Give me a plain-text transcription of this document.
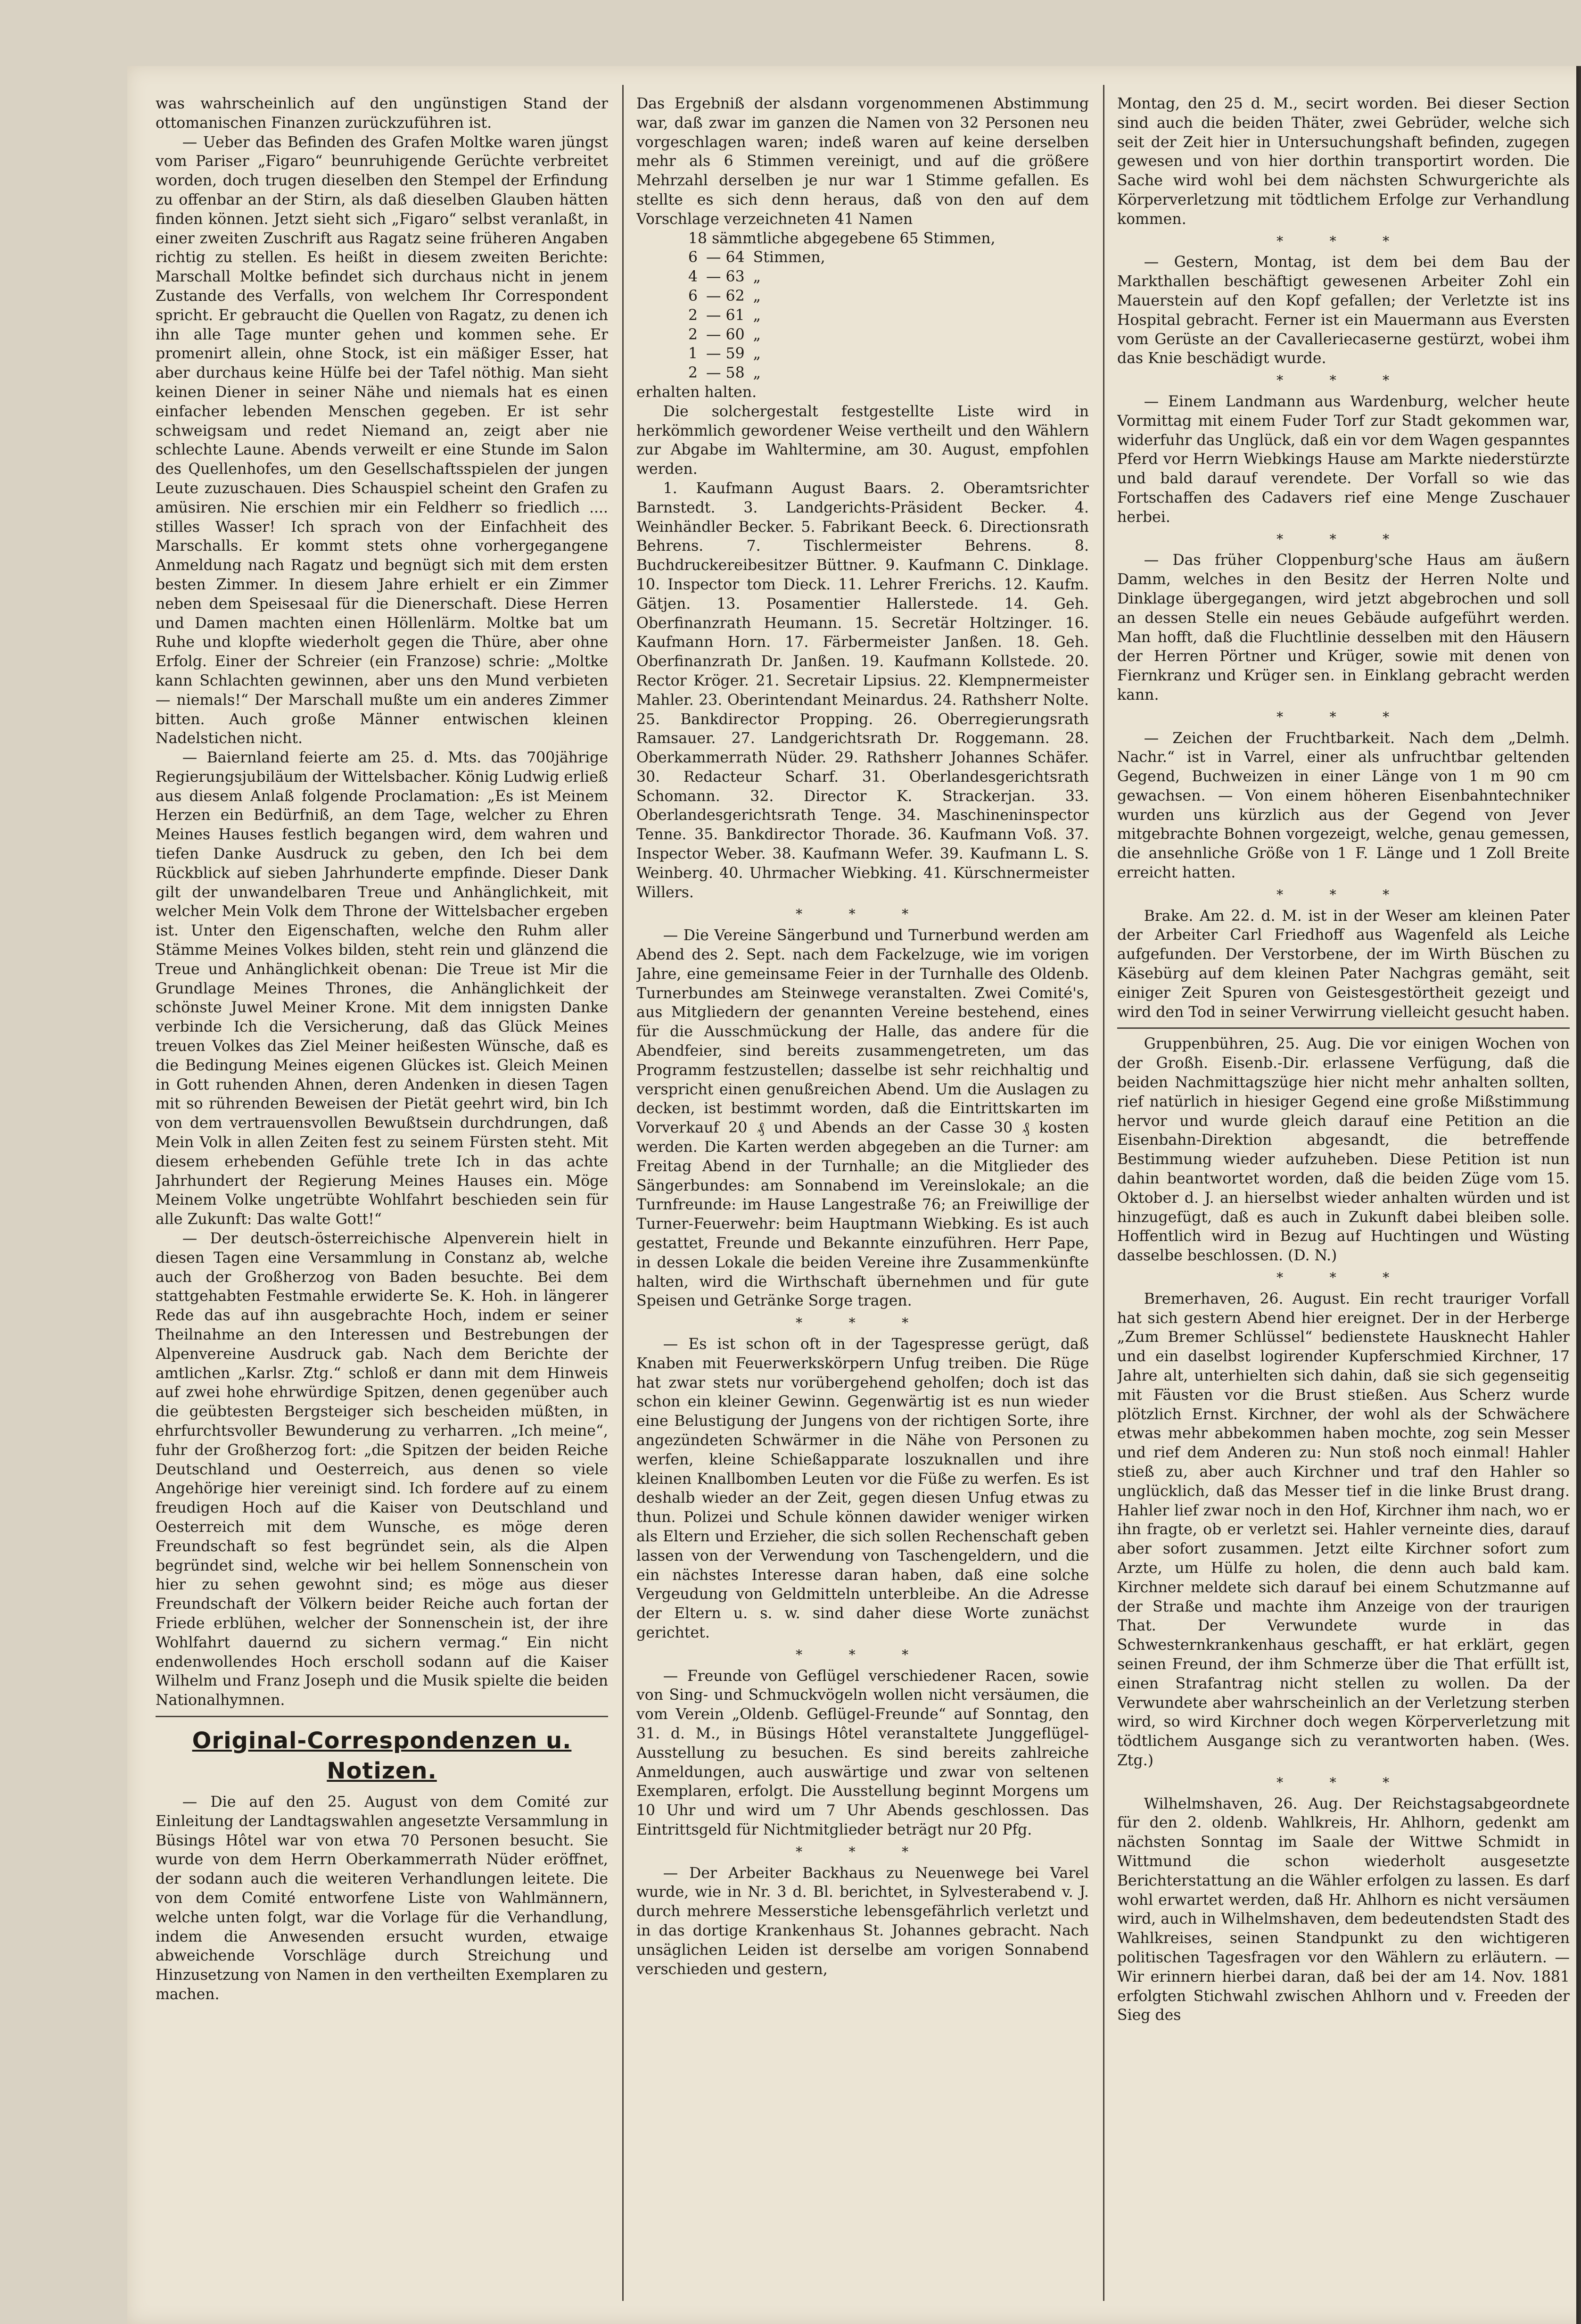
was wahrscheinlich auf den ungünstigen Stand der ottomanischen Finanzen zurückzuführen ist.

— Ueber das Befinden des Grafen Moltke waren jüngst vom Pariser „Figaro“ beunruhigende Gerüchte verbreitet worden, doch trugen dieselben den Stempel der Erfindung zu offenbar an der Stirn, als daß dieselben Glauben hätten finden können. Jetzt sieht sich „Figaro“ selbst veranlaßt, in einer zweiten Zuschrift aus Ragatz seine früheren Angaben richtig zu stellen. Es heißt in diesem zweiten Berichte: Marschall Moltke befindet sich durchaus nicht in jenem Zustande des Verfalls, von welchem Ihr Correspondent spricht. Er gebraucht die Quellen von Ragatz, zu denen ich ihn alle Tage munter gehen und kommen sehe. Er promenirt allein, ohne Stock, ist ein mäßiger Esser, hat aber durchaus keine Hülfe bei der Tafel nöthig. Man sieht keinen Diener in seiner Nähe und niemals hat es einen einfacher lebenden Menschen gegeben. Er ist sehr schweigsam und redet Niemand an, zeigt aber nie schlechte Laune. Abends verweilt er eine Stunde im Salon des Quellenhofes, um den Gesellschaftsspielen der jungen Leute zuzuschauen. Dies Schauspiel scheint den Grafen zu amüsiren. Nie erschien mir ein Feldherr so friedlich .... stilles Wasser! Ich sprach von der Einfachheit des Marschalls. Er kommt stets ohne vorhergegangene Anmeldung nach Ragatz und begnügt sich mit dem ersten besten Zimmer. In diesem Jahre erhielt er ein Zimmer neben dem Speisesaal für die Dienerschaft. Diese Herren und Damen machten einen Höllenlärm. Moltke bat um Ruhe und klopfte wiederholt gegen die Thüre, aber ohne Erfolg. Einer der Schreier (ein Franzose) schrie: „Moltke kann Schlachten gewinnen, aber uns den Mund verbieten — niemals!“ Der Marschall mußte um ein anderes Zimmer bitten. Auch große Männer entwischen kleinen Nadelstichen nicht.

— Baiernland feierte am 25. d. Mts. das 700jährige Regierungsjubiläum der Wittelsbacher. König Ludwig erließ aus diesem Anlaß folgende Proclamation: „Es ist Meinem Herzen ein Bedürfniß, an dem Tage, welcher zu Ehren Meines Hauses festlich begangen wird, dem wahren und tiefen Danke Ausdruck zu geben, den Ich bei dem Rückblick auf sieben Jahrhunderte empfinde. Dieser Dank gilt der unwandelbaren Treue und Anhänglichkeit, mit welcher Mein Volk dem Throne der Wittelsbacher ergeben ist. Unter den Eigenschaften, welche den Ruhm aller Stämme Meines Volkes bilden, steht rein und glänzend die Treue und Anhänglichkeit obenan: Die Treue ist Mir die Grundlage Meines Thrones, die Anhänglichkeit der schönste Juwel Meiner Krone. Mit dem innigsten Danke verbinde Ich die Versicherung, daß das Glück Meines treuen Volkes das Ziel Meiner heißesten Wünsche, daß es die Bedingung Meines eigenen Glückes ist. Gleich Meinen in Gott ruhenden Ahnen, deren Andenken in diesen Tagen mit so rührenden Beweisen der Pietät geehrt wird, bin Ich von dem vertrauensvollen Bewußtsein durchdrungen, daß Mein Volk in allen Zeiten fest zu seinem Fürsten steht. Mit diesem erhebenden Gefühle trete Ich in das achte Jahrhundert der Regierung Meines Hauses ein. Möge Meinem Volke ungetrübte Wohlfahrt beschieden sein für alle Zukunft: Das walte Gott!“

— Der deutsch-österreichische Alpenverein hielt in diesen Tagen eine Versammlung in Constanz ab, welche auch der Großherzog von Baden besuchte. Bei dem stattgehabten Festmahle erwiderte Se. K. Hoh. in längerer Rede das auf ihn ausgebrachte Hoch, indem er seiner Theilnahme an den Interessen und Bestrebungen der Alpenvereine Ausdruck gab. Nach dem Berichte der amtlichen „Karlsr. Ztg.“ schloß er dann mit dem Hinweis auf zwei hohe ehrwürdige Spitzen, denen gegenüber auch die geübtesten Bergsteiger sich bescheiden müßten, in ehrfurchtsvoller Bewunderung zu verharren. „Ich meine“, fuhr der Großherzog fort: „die Spitzen der beiden Reiche Deutschland und Oesterreich, aus denen so viele Angehörige hier vereinigt sind. Ich fordere auf zu einem freudigen Hoch auf die Kaiser von Deutschland und Oesterreich mit dem Wunsche, es möge deren Freundschaft so fest begründet sein, als die Alpen begründet sind, welche wir bei hellem Sonnenschein von hier zu sehen gewohnt sind; es möge aus dieser Freundschaft der Völkern beider Reiche auch fortan der Friede erblühen, welcher der Sonnenschein ist, der ihre Wohlfahrt dauernd zu sichern vermag.“ Ein nicht endenwollendes Hoch erscholl sodann auf die Kaiser Wilhelm und Franz Joseph und die Musik spielte die beiden Nationalhymnen.

Original-Correspondenzen u. Notizen.

— Die auf den 25. August von dem Comité zur Einleitung der Landtagswahlen angesetzte Versammlung in Büsings Hôtel war von etwa 70 Personen besucht. Sie wurde von dem Herrn Oberkammerrath Nüder eröffnet, der sodann auch die weiteren Verhandlungen leitete. Die von dem Comité entworfene Liste von Wahlmännern, welche unten folgt, war die Vorlage für die Verhandlung, indem die Anwesenden ersucht wurden, etwaige abweichende Vorschläge durch Streichung und Hinzusetzung von Namen in den vertheilten Exemplaren zu machen.

Das Ergebniß der alsdann vorgenommenen Abstimmung war, daß zwar im ganzen die Namen von 32 Personen neu vorgeschlagen waren; indeß waren auf keine derselben mehr als 6 Stimmen vereinigt, und auf die größere Mehrzahl derselben je nur war 1 Stimme gefallen. Es stellte es sich denn heraus, daß von den auf dem Vorschlage verzeichneten 41 Namen

18 sämmtliche abgegebene 65 Stimmen,

6	— 64	Stimmen,
4	— 63	„
6	— 62	„
2	— 61	„
2	— 60	„
1	— 59	„
2	— 58	„

erhalten halten.

Die solchergestalt festgestellte Liste wird in herkömmlich gewordener Weise vertheilt und den Wählern zur Abgabe im Wahltermine, am 30. August, empfohlen werden.

1. Kaufmann August Baars. 2. Oberamtsrichter Barnstedt. 3. Landgerichts-Präsident Becker. 4. Weinhändler Becker. 5. Fabrikant Beeck. 6. Directionsrath Behrens. 7. Tischlermeister Behrens. 8. Buchdruckereibesitzer Büttner. 9. Kaufmann C. Dinklage. 10. Inspector tom Dieck. 11. Lehrer Frerichs. 12. Kaufm. Gätjen. 13. Posamentier Hallerstede. 14. Geh. Oberfinanzrath Heumann. 15. Secretär Holtzinger. 16. Kaufmann Horn. 17. Färbermeister Janßen. 18. Geh. Oberfinanzrath Dr. Janßen. 19. Kaufmann Kollstede. 20. Rector Kröger. 21. Secretair Lipsius. 22. Klempnermeister Mahler. 23. Oberintendant Meinardus. 24. Rathsherr Nolte. 25. Bankdirector Propping. 26. Oberregierungsrath Ramsauer. 27. Landgerichtsrath Dr. Roggemann. 28. Oberkammerrath Nüder. 29. Rathsherr Johannes Schäfer. 30. Redacteur Scharf. 31. Oberlandesgerichtsrath Schomann. 32. Director K. Strackerjan. 33. Oberlandesgerichtsrath Tenge. 34. Maschineninspector Tenne. 35. Bankdirector Thorade. 36. Kaufmann Voß. 37. Inspector Weber. 38. Kaufmann Wefer. 39. Kaufmann L. S. Weinberg. 40. Uhrmacher Wiebking. 41. Kürschnermeister Willers.

* * *

— Die Vereine Sängerbund und Turnerbund werden am Abend des 2. Sept. nach dem Fackelzuge, wie im vorigen Jahre, eine gemeinsame Feier in der Turnhalle des Oldenb. Turnerbundes am Steinwege veranstalten. Zwei Comité's, aus Mitgliedern der genannten Vereine bestehend, eines für die Ausschmückung der Halle, das andere für die Abendfeier, sind bereits zusammengetreten, um das Programm festzustellen; dasselbe ist sehr reichhaltig und verspricht einen genußreichen Abend. Um die Auslagen zu decken, ist bestimmt worden, daß die Eintrittskarten im Vorverkauf 20 ₰ und Abends an der Casse 30 ₰ kosten werden. Die Karten werden abgegeben an die Turner: am Freitag Abend in der Turnhalle; an die Mitglieder des Sängerbundes: am Sonnabend im Vereinslokale; an die Turnfreunde: im Hause Langestraße 76; an Freiwillige der Turner-Feuerwehr: beim Hauptmann Wiebking. Es ist auch gestattet, Freunde und Bekannte einzuführen. Herr Pape, in dessen Lokale die beiden Vereine ihre Zusammenkünfte halten, wird die Wirthschaft übernehmen und für gute Speisen und Getränke Sorge tragen.

* * *

— Es ist schon oft in der Tagespresse gerügt, daß Knaben mit Feuerwerkskörpern Unfug treiben. Die Rüge hat zwar stets nur vorübergehend geholfen; doch ist das schon ein kleiner Gewinn. Gegenwärtig ist es nun wieder eine Belustigung der Jungens von der richtigen Sorte, ihre angezündeten Schwärmer in die Nähe von Personen zu werfen, kleine Schießapparate loszuknallen und ihre kleinen Knallbomben Leuten vor die Füße zu werfen. Es ist deshalb wieder an der Zeit, gegen diesen Unfug etwas zu thun. Polizei und Schule können dawider weniger wirken als Eltern und Erzieher, die sich sollen Rechenschaft geben lassen von der Verwendung von Taschengeldern, und die ein nächstes Interesse daran haben, daß eine solche Vergeudung von Geldmitteln unterbleibe. An die Adresse der Eltern u. s. w. sind daher diese Worte zunächst gerichtet.

* * *

— Freunde von Geflügel verschiedener Racen, sowie von Sing- und Schmuckvögeln wollen nicht versäumen, die vom Verein „Oldenb. Geflügel-Freunde“ auf Sonntag, den 31. d. M., in Büsings Hôtel veranstaltete Junggeflügel-Ausstellung zu besuchen. Es sind bereits zahlreiche Anmeldungen, auch auswärtige und zwar von seltenen Exemplaren, erfolgt. Die Ausstellung beginnt Morgens um 10 Uhr und wird um 7 Uhr Abends geschlossen. Das Eintrittsgeld für Nichtmitglieder beträgt nur 20 Pfg.

* * *

— Der Arbeiter Backhaus zu Neuenwege bei Varel wurde, wie in Nr. 3 d. Bl. berichtet, in Sylvesterabend v. J. durch mehrere Messerstiche lebensgefährlich verletzt und in das dortige Krankenhaus St. Johannes gebracht. Nach unsäglichen Leiden ist derselbe am vorigen Sonnabend verschieden und gestern,

Montag, den 25 d. M., secirt worden. Bei dieser Section sind auch die beiden Thäter, zwei Gebrüder, welche sich seit der Zeit hier in Untersuchungshaft befinden, zugegen gewesen und von hier dorthin transportirt worden. Die Sache wird wohl bei dem nächsten Schwurgerichte als Körperverletzung mit tödtlichem Erfolge zur Verhandlung kommen.

* * *

— Gestern, Montag, ist dem bei dem Bau der Markthallen beschäftigt gewesenen Arbeiter Zohl ein Mauerstein auf den Kopf gefallen; der Verletzte ist ins Hospital gebracht. Ferner ist ein Mauermann aus Eversten vom Gerüste an der Cavalleriecaserne gestürzt, wobei ihm das Knie beschädigt wurde.

* * *

— Einem Landmann aus Wardenburg, welcher heute Vormittag mit einem Fuder Torf zur Stadt gekommen war, widerfuhr das Unglück, daß ein vor dem Wagen gespanntes Pferd vor Herrn Wiebkings Hause am Markte niederstürzte und bald darauf verendete. Der Vorfall so wie das Fortschaffen des Cadavers rief eine Menge Zuschauer herbei.

* * *

— Das früher Cloppenburg'sche Haus am äußern Damm, welches in den Besitz der Herren Nolte und Dinklage übergegangen, wird jetzt abgebrochen und soll an dessen Stelle ein neues Gebäude aufgeführt werden. Man hofft, daß die Fluchtlinie desselben mit den Häusern der Herren Pörtner und Krüger, sowie mit denen von Fiernkranz und Krüger sen. in Einklang gebracht werden kann.

* * *

— Zeichen der Fruchtbarkeit. Nach dem „Delmh. Nachr.“ ist in Varrel, einer als unfruchtbar geltenden Gegend, Buchweizen in einer Länge von 1 m 90 cm gewachsen. — Von einem höheren Eisenbahntechniker wurden uns kürzlich aus der Gegend von Jever mitgebrachte Bohnen vorgezeigt, welche, genau gemessen, die ansehnliche Größe von 1 F. Länge und 1 Zoll Breite erreicht hatten.

* * *

Brake. Am 22. d. M. ist in der Weser am kleinen Pater der Arbeiter Carl Friedhoff aus Wagenfeld als Leiche aufgefunden. Der Verstorbene, der im Wirth Büschen zu Käsebürg auf dem kleinen Pater Nachgras gemäht, seit einiger Zeit Spuren von Geistesgestörtheit gezeigt und wird den Tod in seiner Verwirrung vielleicht gesucht haben.

Gruppenbühren, 25. Aug. Die vor einigen Wochen von der Großh. Eisenb.-Dir. erlassene Verfügung, daß die beiden Nachmittagszüge hier nicht mehr anhalten sollten, rief natürlich in hiesiger Gegend eine große Mißstimmung hervor und wurde gleich darauf eine Petition an die Eisenbahn-Direktion abgesandt, die betreffende Bestimmung wieder aufzuheben. Diese Petition ist nun dahin beantwortet worden, daß die beiden Züge vom 15. Oktober d. J. an hierselbst wieder anhalten würden und ist hinzugefügt, daß es auch in Zukunft dabei bleiben solle. Hoffentlich wird in Bezug auf Huchtingen und Wüsting dasselbe beschlossen. (D. N.)

* * *

Bremerhaven, 26. August. Ein recht trauriger Vorfall hat sich gestern Abend hier ereignet. Der in der Herberge „Zum Bremer Schlüssel“ bedienstete Hausknecht Hahler und ein daselbst logirender Kupferschmied Kirchner, 17 Jahre alt, unterhielten sich dahin, daß sie sich gegenseitig mit Fäusten vor die Brust stießen. Aus Scherz wurde plötzlich Ernst. Kirchner, der wohl als der Schwächere etwas mehr abbekommen haben mochte, zog sein Messer und rief dem Anderen zu: Nun stoß noch einmal! Hahler stieß zu, aber auch Kirchner und traf den Hahler so unglücklich, daß das Messer tief in die linke Brust drang. Hahler lief zwar noch in den Hof, Kirchner ihm nach, wo er ihn fragte, ob er verletzt sei. Hahler verneinte dies, darauf aber sofort zusammen. Jetzt eilte Kirchner sofort zum Arzte, um Hülfe zu holen, die denn auch bald kam. Kirchner meldete sich darauf bei einem Schutzmanne auf der Straße und machte ihm Anzeige von der traurigen That. Der Verwundete wurde in das Schwesternkrankenhaus geschafft, er hat erklärt, gegen seinen Freund, der ihm Schmerze über die That erfüllt ist, einen Strafantrag nicht stellen zu wollen. Da der Verwundete aber wahrscheinlich an der Verletzung sterben wird, so wird Kirchner doch wegen Körperverletzung mit tödtlichem Ausgange sich zu verantworten haben. (Wes. Ztg.)

* * *

Wilhelmshaven, 26. Aug. Der Reichstagsabgeordnete für den 2. oldenb. Wahlkreis, Hr. Ahlhorn, gedenkt am nächsten Sonntag im Saale der Wittwe Schmidt in Wittmund die schon wiederholt ausgesetzte Berichterstattung an die Wähler erfolgen zu lassen. Es darf wohl erwartet werden, daß Hr. Ahlhorn es nicht versäumen wird, auch in Wilhelmshaven, dem bedeutendsten Stadt des Wahlkreises, seinen Standpunkt zu den wichtigeren politischen Tagesfragen vor den Wählern zu erläutern. — Wir erinnern hierbei daran, daß bei der am 14. Nov. 1881 erfolgten Stichwahl zwischen Ahlhorn und v. Freeden der Sieg des
